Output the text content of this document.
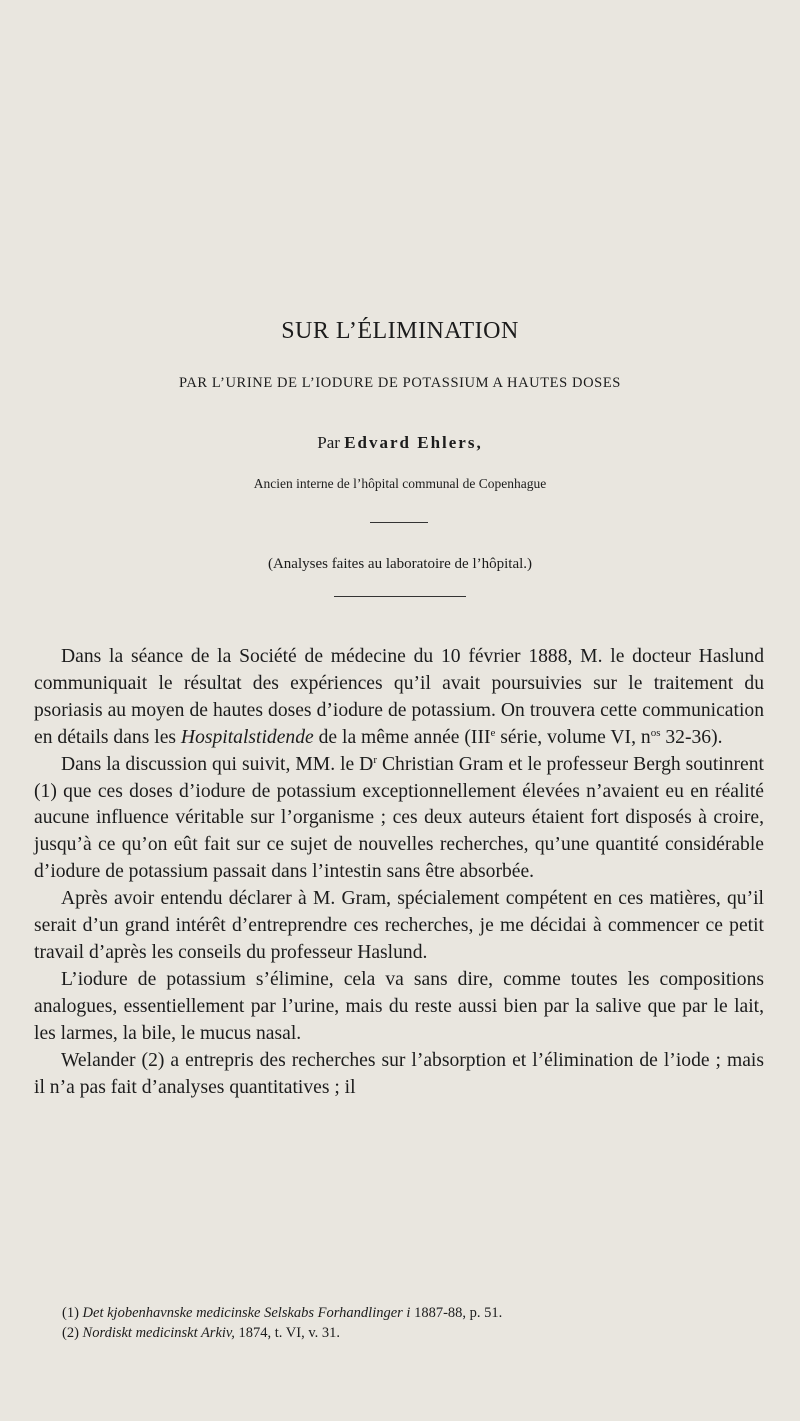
SUR L’ÉLIMINATION
PAR L’URINE DE L’IODURE DE POTASSIUM A HAUTES DOSES
Par Edvard Ehlers,
Ancien interne de l’hôpital communal de Copenhague
(Analyses faites au laboratoire de l’hôpital.)

Dans la séance de la Société de médecine du 10 février 1888, M. le docteur Haslund communiquait le résultat des expériences qu’il avait poursuivies sur le traitement du psoriasis au moyen de hautes doses d’iodure de potassium. On trouvera cette communication en détails dans les Hospitalstidende de la même année (IIIe série, volume VI, $n^{os}$ 32-36).

Dans la discussion qui suivit, MM. le $D^r$ Christian Gram et le professeur Bergh soutinrent (1) que ces doses d’iodure de potassium exceptionnellement élevées n’avaient eu en réalité aucune influence véritable sur l’organisme ; ces deux auteurs étaient fort disposés à croire, jusqu’à ce qu’on eût fait sur ce sujet de nouvelles recherches, qu’une quantité considérable d’iodure de potassium passait dans l’intestin sans être absorbée.

Après avoir entendu déclarer à M. Gram, spécialement compétent en ces matières, qu’il serait d’un grand intérêt d’entreprendre ces recherches, je me décidai à commencer ce petit travail d’après les conseils du professeur Haslund.

L’iodure de potassium s’élimine, cela va sans dire, comme toutes les compositions analogues, essentiellement par l’urine, mais du reste aussi bien par la salive que par le lait, les larmes, la bile, le mucus nasal.

Welander (2) a entrepris des recherches sur l’absorption et l’élimination de l’iode ; mais il n’a pas fait d’analyses quantitatives ; il

(1) Det kjobenhavnske medicinske Selskabs Forhandlinger i 1887-88, p. 51.
(2) Nordiskt medicinskt Arkiv, 1874, t. VI, v. 31.
